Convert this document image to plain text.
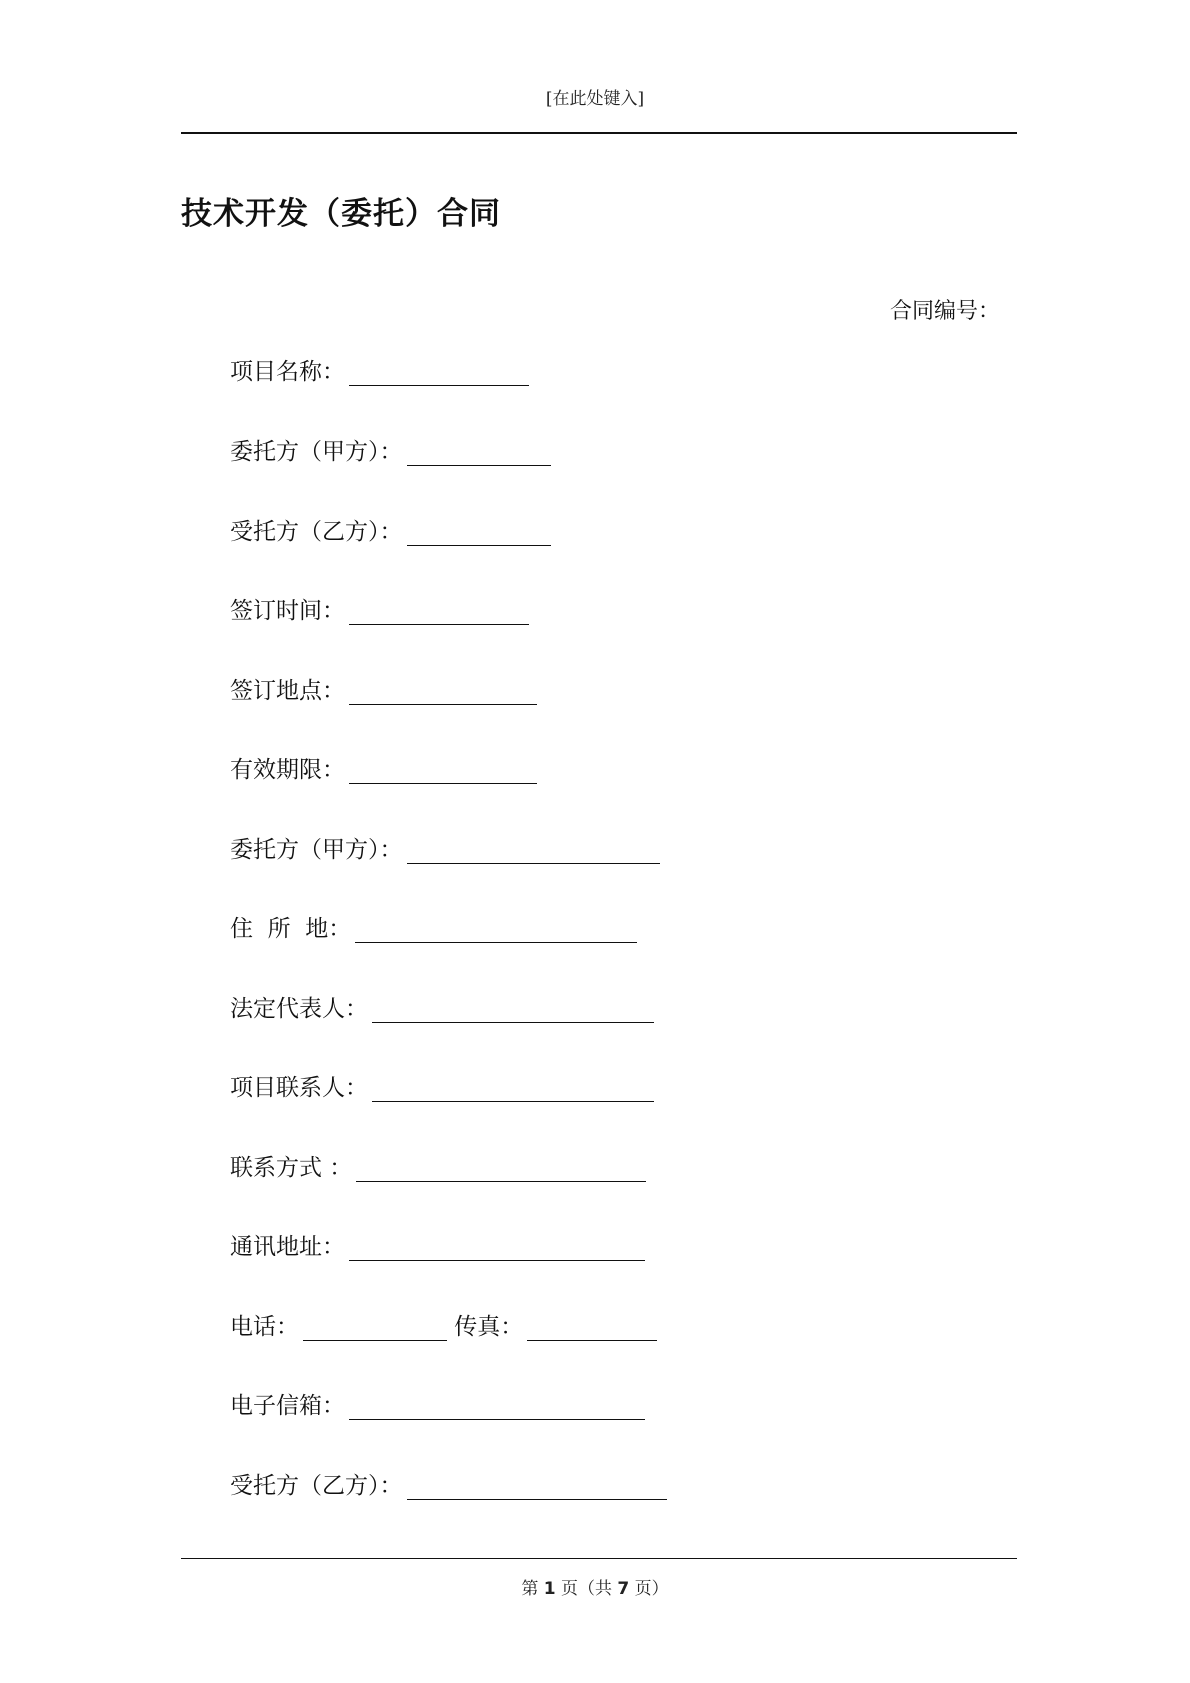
[在此处键入]
技术开发（委托）合同
合同编号：
项目名称：
委托方（甲方）：
受托方（乙方）：
签订时间：
签订地点：
有效期限：
委托方（甲方）：
住  所  地：
法定代表人：
项目联系人：
联系方式 ：
通讯地址：
电话：	传真：
电子信箱：
受托方（乙方）：
第 1 页（共 7 页）
